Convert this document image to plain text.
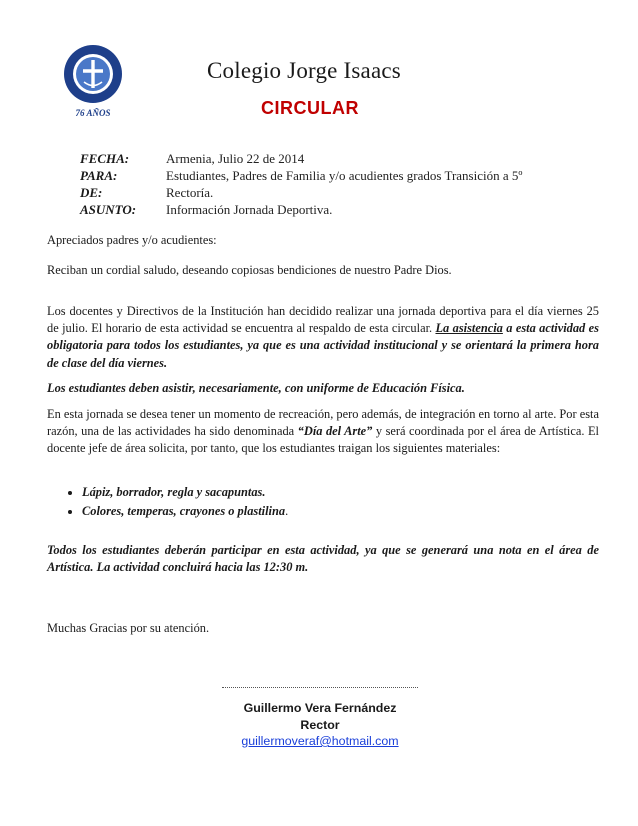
76 AÑOS
Colegio Jorge Isaacs
CIRCULAR
FECHA:	Armenia, Julio 22 de 2014
PARA:	Estudiantes, Padres de Familia y/o acudientes grados Transición a 5º
DE:	Rectoría.
ASUNTO:	Información Jornada Deportiva.
Apreciados padres y/o acudientes:
Reciban un cordial saludo, deseando copiosas bendiciones de nuestro Padre Dios.
Los docentes y Directivos de la Institución han decidido realizar una jornada deportiva para el día viernes 25 de julio. El horario de esta actividad se encuentra al respaldo de esta circular. La asistencia a esta actividad es obligatoria para todos los estudiantes, ya que es una actividad institucional y se orientará la primera hora de clase del día viernes.
Los estudiantes deben asistir, necesariamente, con uniforme de Educación Física.
En esta jornada se desea tener un momento de recreación, pero además, de integración en torno al arte. Por esta razón, una de las actividades ha sido denominada “Día del Arte” y será coordinada por el área de Artística. El docente jefe de área solicita, por tanto, que los estudiantes traigan los siguientes materiales:
• Lápiz, borrador, regla y sacapuntas.
• Colores, temperas, crayones o plastilina.
Todos los estudiantes deberán participar en esta actividad, ya que se generará una nota en el área de Artística. La actividad concluirá hacia las 12:30 m.
Muchas Gracias por su atención.
Guillermo Vera Fernández
Rector
guillermoveraf@hotmail.com
